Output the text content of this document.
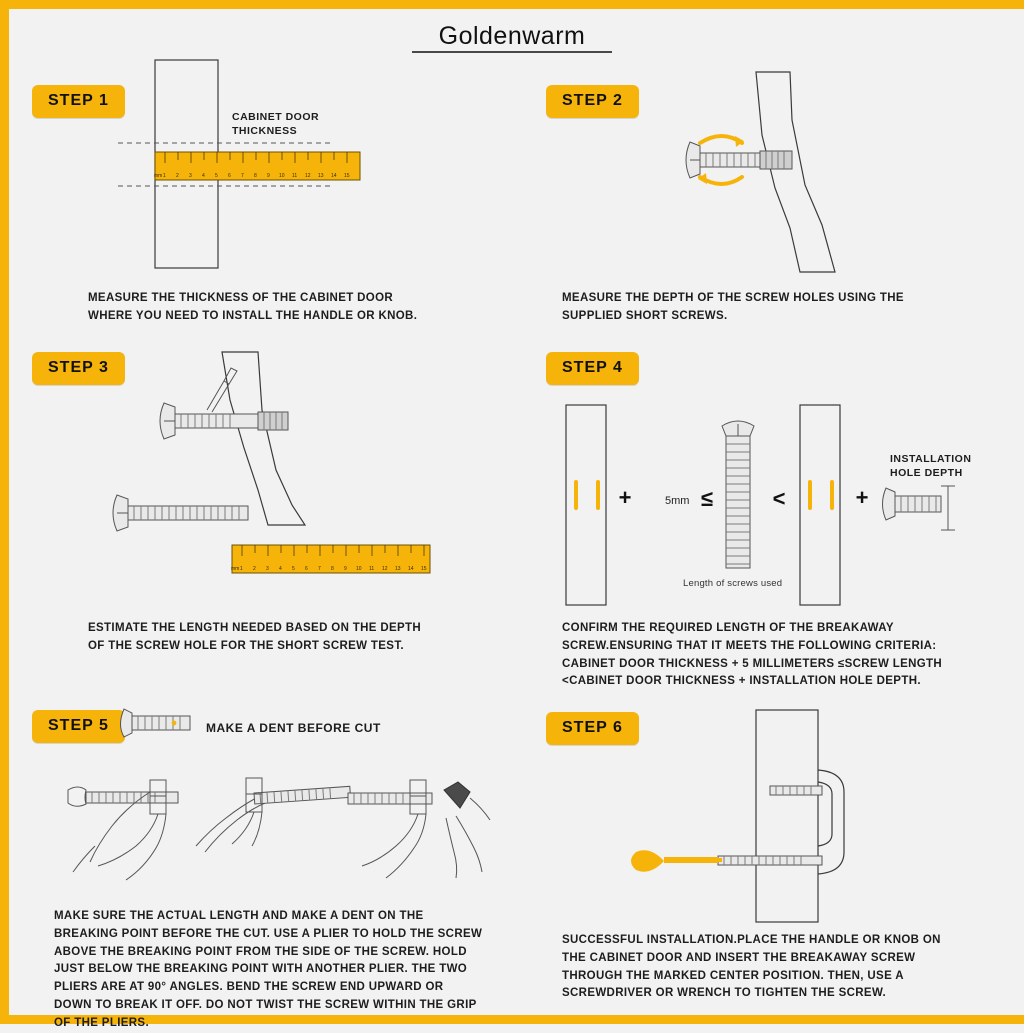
Goldenwarm
STEP 1
CABINET DOOR
THICKNESS
mm 1 2 3 4 5 6 7 8 9 10 11 12 13 14 15
MEASURE THE THICKNESS OF THE CABINET DOOR WHERE YOU NEED TO INSTALL THE HANDLE OR KNOB.
STEP 2
MEASURE THE DEPTH OF THE SCREW HOLES USING THE SUPPLIED SHORT SCREWS.
STEP 3
mm 1 2 3 4 5 6 7 8 9 10 11 12 13 14 15
ESTIMATE THE LENGTH NEEDED BASED ON THE DEPTH OF THE SCREW HOLE FOR THE SHORT SCREW TEST.
STEP 4
INSTALLATION
HOLE DEPTH
+	5mm ≤	<	+
Length of screws used
CONFIRM THE REQUIRED LENGTH OF THE BREAKAWAY SCREW.ENSURING THAT IT MEETS THE FOLLOWING CRITERIA: CABINET DOOR THICKNESS + 5 MILLIMETERS ≤SCREW LENGTH <CABINET DOOR THICKNESS + INSTALLATION HOLE DEPTH.
STEP 5	MAKE A DENT BEFORE CUT
MAKE SURE THE ACTUAL LENGTH AND MAKE A DENT ON THE BREAKING POINT BEFORE THE CUT. USE A PLIER TO HOLD THE SCREW ABOVE THE BREAKING POINT FROM THE SIDE OF THE SCREW. HOLD JUST BELOW THE BREAKING POINT WITH ANOTHER PLIER. THE TWO PLIERS ARE AT 90° ANGLES. BEND THE SCREW END UPWARD OR DOWN TO BREAK IT OFF. DO NOT TWIST THE SCREW WITHIN THE GRIP OF THE PLIERS.
STEP 6
SUCCESSFUL INSTALLATION.PLACE THE HANDLE OR KNOB ON THE CABINET DOOR AND INSERT THE BREAKAWAY SCREW THROUGH THE MARKED CENTER POSITION. THEN, USE A SCREWDRIVER OR WRENCH TO TIGHTEN THE SCREW.
